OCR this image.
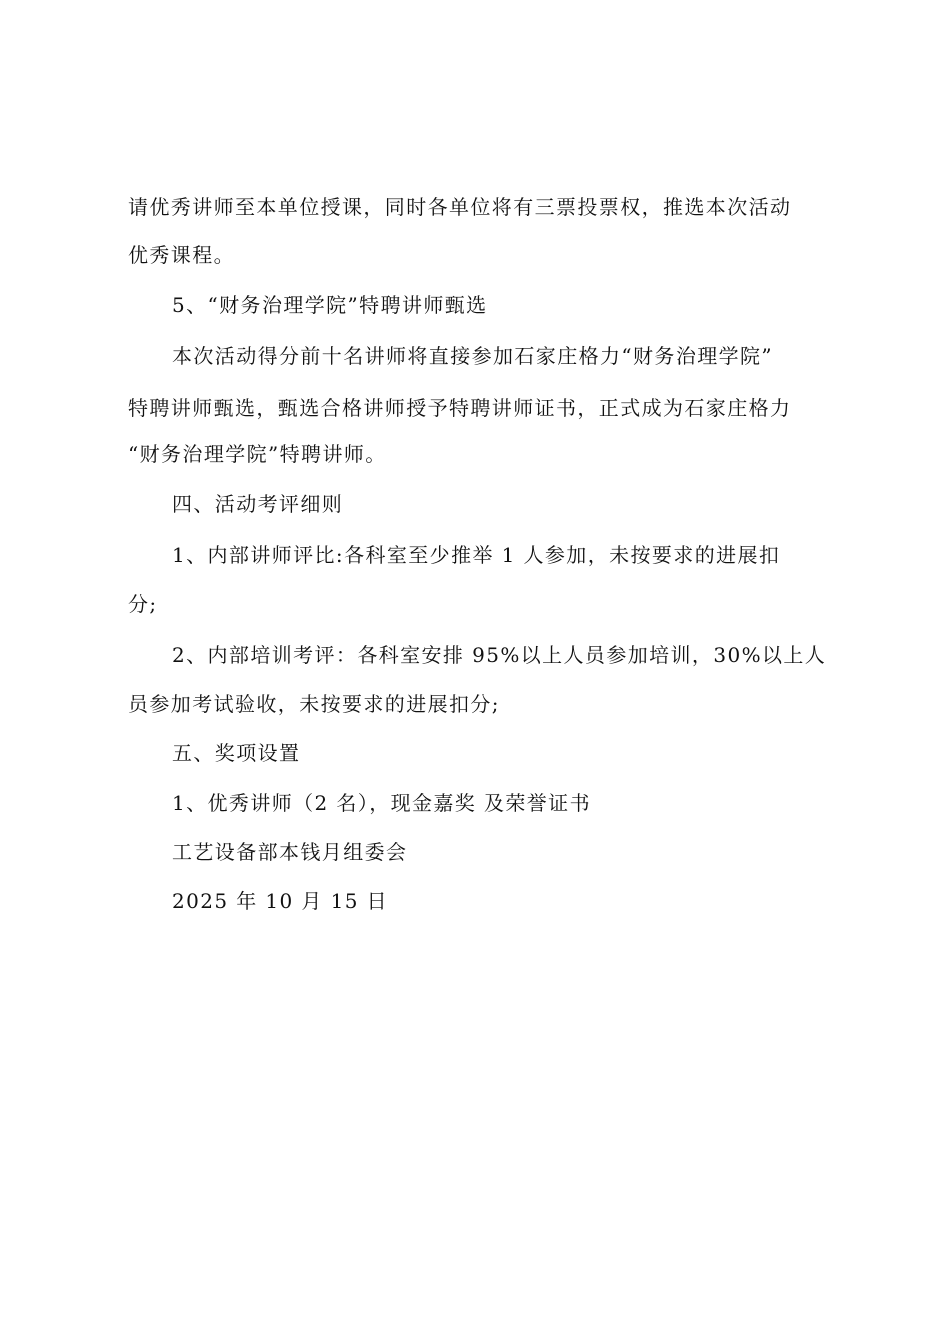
请优秀讲师至本单位授课，同时各单位将有三票投票权，推选本次活动
优秀课程。
5、“财务治理学院”特聘讲师甄选
本次活动得分前十名讲师将直接参加石家庄格力“财务治理学院”
特聘讲师甄选，甄选合格讲师授予特聘讲师证书，正式成为石家庄格力
“财务治理学院”特聘讲师。
四、活动考评细则
1、内部讲师评比:各科室至少推举 1 人参加，未按要求的进展扣
分;
2、内部培训考评：各科室安排 95%以上人员参加培训，30%以上人
员参加考试验收，未按要求的进展扣分;
五、奖项设置
1、优秀讲师（2 名），现金嘉奖 及荣誉证书
工艺设备部本钱月组委会
2025 年 10 月 15 日
